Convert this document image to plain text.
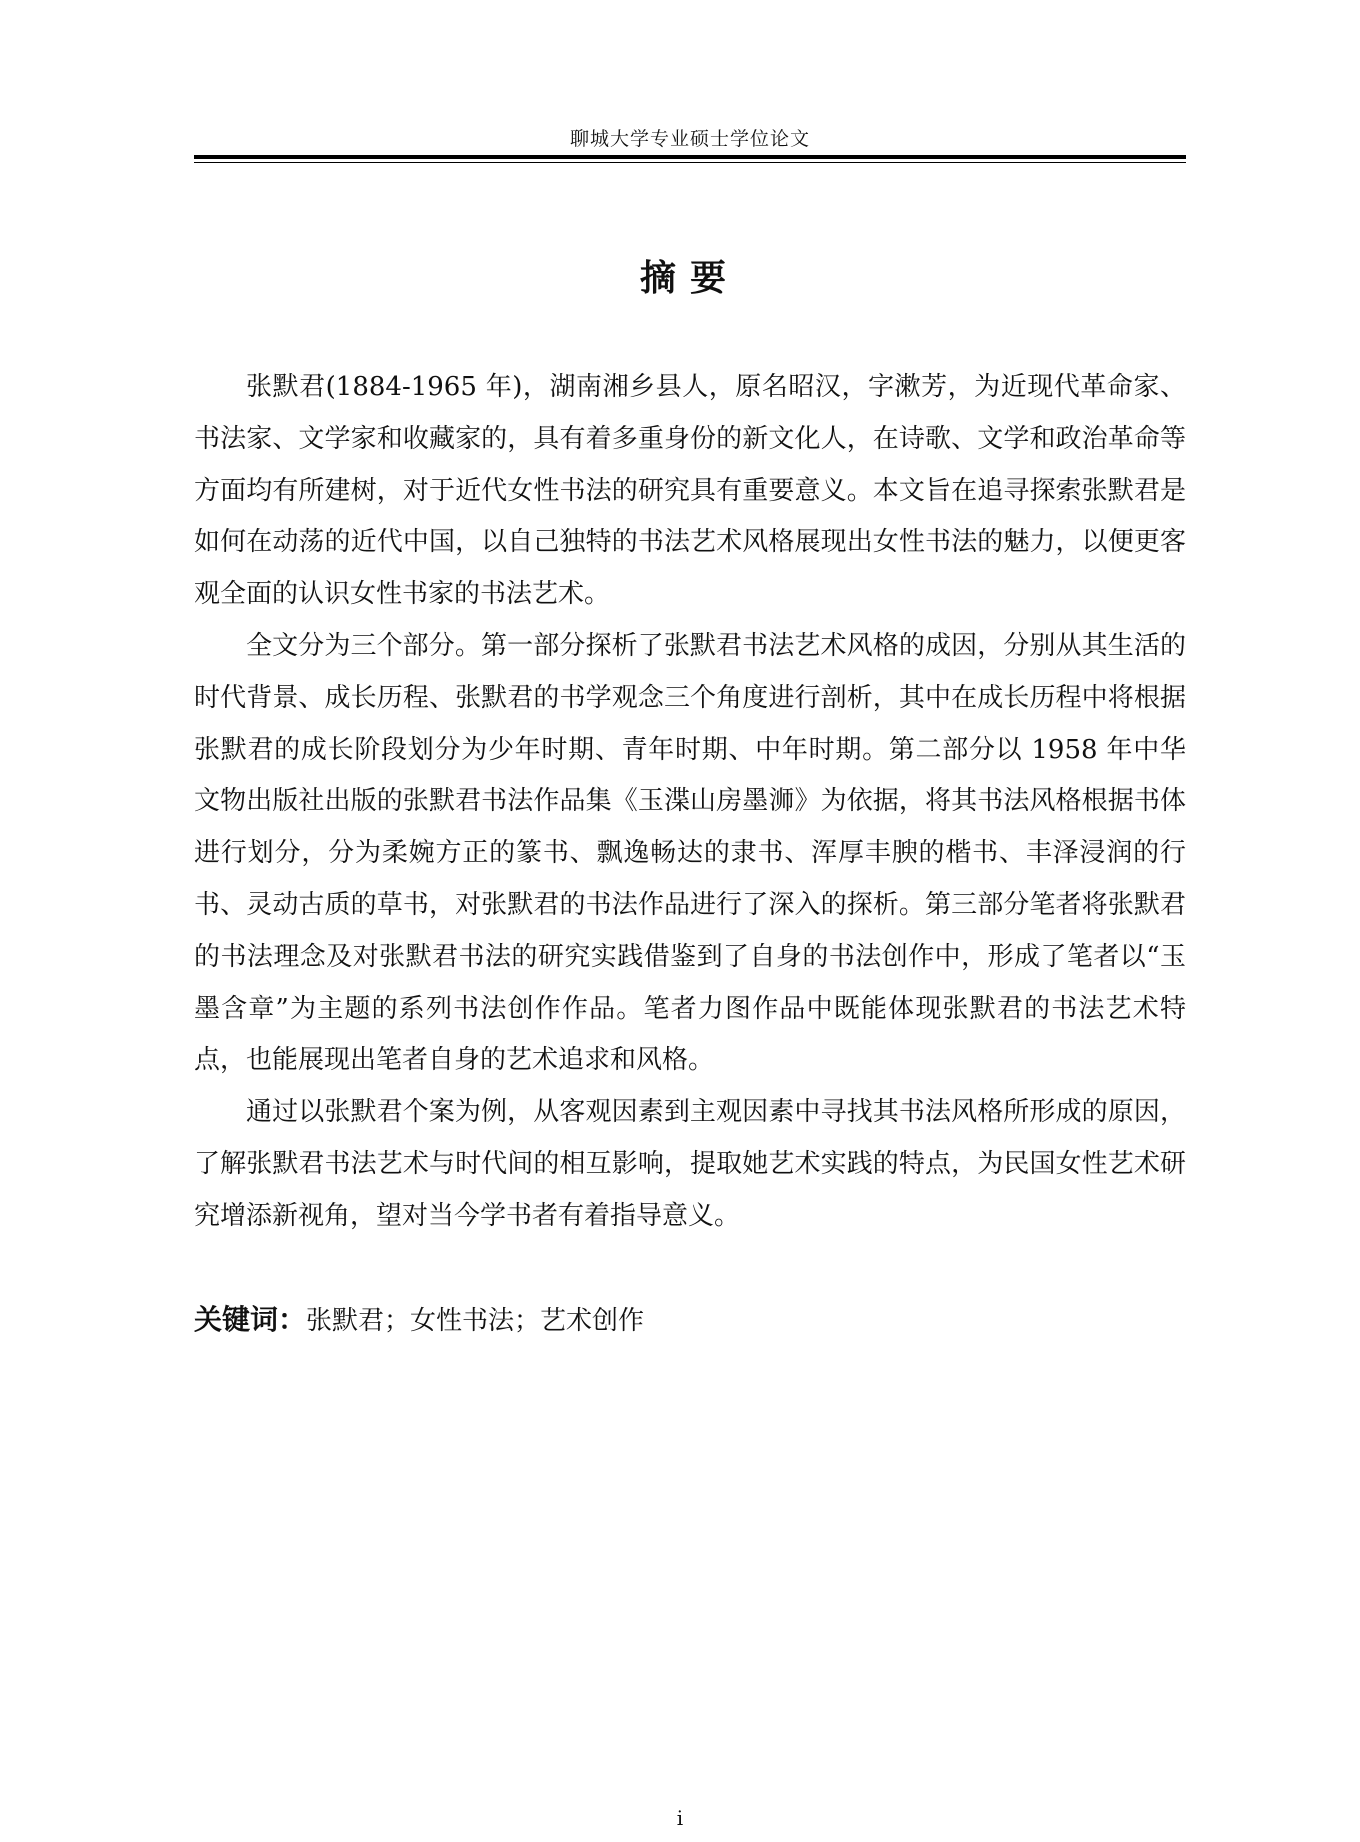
聊城大学专业硕士学位论文
摘要

张默君(1884-1965 年)，湖南湘乡县人，原名昭汉，字漱芳，为近现代革命家、书法家、文学家和收藏家的，具有着多重身份的新文化人，在诗歌、文学和政治革命等方面均有所建树，对于近代女性书法的研究具有重要意义。本文旨在追寻探索张默君是如何在动荡的近代中国，以自己独特的书法艺术风格展现出女性书法的魅力，以便更客观全面的认识女性书家的书法艺术。

全文分为三个部分。第一部分探析了张默君书法艺术风格的成因，分别从其生活的时代背景、成长历程、张默君的书学观念三个角度进行剖析，其中在成长历程中将根据张默君的成长阶段划分为少年时期、青年时期、中年时期。第二部分以 1958 年中华文物出版社出版的张默君书法作品集《玉渫山房墨浉》为依据，将其书法风格根据书体进行划分，分为柔婉方正的篆书、飘逸畅达的隶书、浑厚丰腴的楷书、丰泽浸润的行书、灵动古质的草书，对张默君的书法作品进行了深入的探析。第三部分笔者将张默君的书法理念及对张默君书法的研究实践借鉴到了自身的书法创作中，形成了笔者以“玉墨含章”为主题的系列书法创作作品。笔者力图作品中既能体现张默君的书法艺术特点，也能展现出笔者自身的艺术追求和风格。

通过以张默君个案为例，从客观因素到主观因素中寻找其书法风格所形成的原因，了解张默君书法艺术与时代间的相互影响，提取她艺术实践的特点，为民国女性艺术研究增添新视角，望对当今学书者有着指导意义。

关键词：张默君；女性书法；艺术创作
i
